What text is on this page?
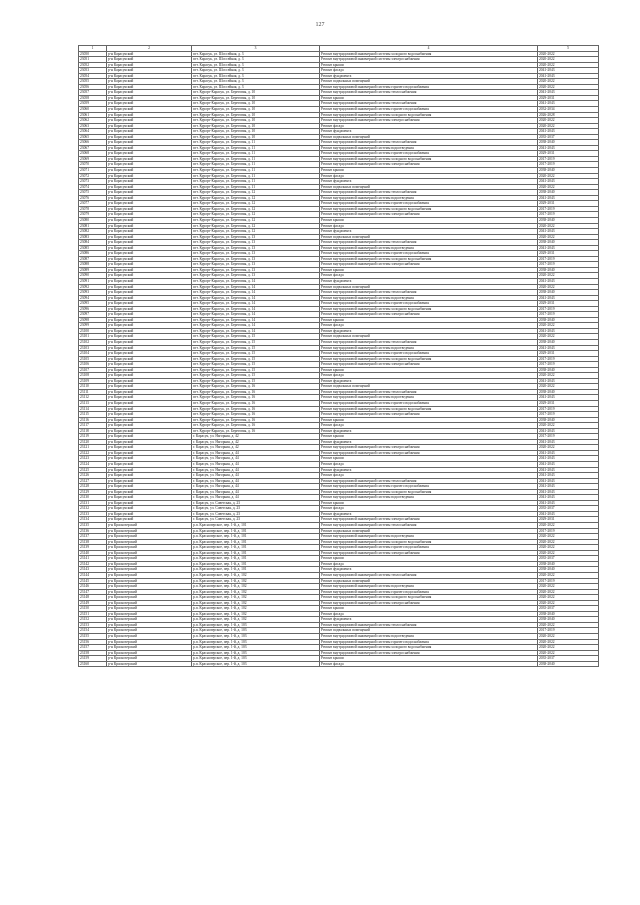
127
1	2	3	4	5
23050	р-н Карасукский	пгт. Карасук, ул. Шоссейная, д. 3	Ремонт внутридомовой инженерной системы холодного водоснабжения	2020-2022
23051	р-н Карасукский	пгт. Карасук, ул. Шоссейная, д. 3	Ремонт внутридомовой инженерной системы электроснабжения	2020-2022
23052	р-н Карасукский	пгт. Карасук, ул. Шоссейная, д. 3	Ремонт крыши	2020-2022
23053	р-н Карасукский	пгт. Карасук, ул. Шоссейная, д. 3	Ремонт фасада	2041-2043
23054	р-н Карасукский	пгт. Карасук, ул. Шоссейная, д. 3	Ремонт фундамента	2041-2043
23055	р-н Карасукский	пгт. Карасук, ул. Шоссейная, д. 3	Ремонт подвальных помещений	2020-2022
23056	р-н Карасукский	пгт. Карасук, ул. Шоссейная, д. 3	Ремонт внутридомовой инженерной системы горячего водоснабжения	2020-2022
23057	р-н Карасукский	пгт. Курорт-Карасук, ул. Береговая, д. 10	Ремонт внутридомовой инженерной системы теплоснабжения	2041-2043
23058	р-н Карасукский	пгт. Курорт-Карасук, ул. Береговая, д. 10	Ремонт крыши	2029-2031
23059	р-н Карасукский	пгт. Курорт-Карасук, ул. Береговая, д. 10	Ремонт внутридомовой инженерной системы теплоснабжения	2041-2043
23060	р-н Карасукский	пгт. Курорт-Карасук, ул. Береговая, д. 10	Ремонт внутридомовой инженерной системы горячего водоснабжения	2032-2034
23061	р-н Карасукский	пгт. Курорт-Карасук, ул. Береговая, д. 10	Ремонт внутридомовой инженерной системы холодного водоснабжения	2026-2028
23062	р-н Карасукский	пгт. Курорт-Карасук, ул. Береговая, д. 10	Ремонт внутридомовой инженерной системы электроснабжения	2020-2022
23063	р-н Карасукский	пгт. Курорт-Карасук, ул. Береговая, д. 10	Ремонт фасада	2020-2022
23064	р-н Карасукский	пгт. Курорт-Карасук, ул. Береговая, д. 10	Ремонт фундамента	2041-2043
23065	р-н Карасукский	пгт. Курорт-Карасук, ул. Береговая, д. 10	Ремонт подвальных помещений	2035-2037
23066	р-н Карасукский	пгт. Курорт-Карасук, ул. Береговая, д. 11	Ремонт внутридомовой инженерной системы теплоснабжения	2038-2040
23067	р-н Карасукский	пгт. Курорт-Карасук, ул. Береговая, д. 11	Ремонт внутридомовой инженерной системы водоотведения	2041-2043
23068	р-н Карасукский	пгт. Курорт-Карасук, ул. Береговая, д. 11	Ремонт внутридомовой инженерной системы горячего водоснабжения	2029-2031
23069	р-н Карасукский	пгт. Курорт-Карасук, ул. Береговая, д. 11	Ремонт внутридомовой инженерной системы холодного водоснабжения	2017-2019
23070	р-н Карасукский	пгт. Курорт-Карасук, ул. Береговая, д. 11	Ремонт внутридомовой инженерной системы электроснабжения	2017-2019
23071	р-н Карасукский	пгт. Курорт-Карасук, ул. Береговая, д. 11	Ремонт крыши	2038-2040
23072	р-н Карасукский	пгт. Курорт-Карасук, ул. Береговая, д. 11	Ремонт фасада	2020-2022
23073	р-н Карасукский	пгт. Курорт-Карасук, ул. Береговая, д. 11	Ремонт фундамента	2041-2043
23074	р-н Карасукский	пгт. Курорт-Карасук, ул. Береговая, д. 11	Ремонт подвальных помещений	2020-2022
23075	р-н Карасукский	пгт. Курорт-Карасук, ул. Береговая, д. 12	Ремонт внутридомовой инженерной системы теплоснабжения	2038-2040
23076	р-н Карасукский	пгт. Курорт-Карасук, ул. Береговая, д. 12	Ремонт внутридомовой инженерной системы водоотведения	2041-2043
23077	р-н Карасукский	пгт. Курорт-Карасук, ул. Береговая, д. 12	Ремонт внутридомовой инженерной системы горячего водоснабжения	2029-2031
23078	р-н Карасукский	пгт. Курорт-Карасук, ул. Береговая, д. 12	Ремонт внутридомовой инженерной системы холодного водоснабжения	2017-2019
23079	р-н Карасукский	пгт. Курорт-Карасук, ул. Береговая, д. 12	Ремонт внутридомовой инженерной системы электроснабжения	2017-2019
23080	р-н Карасукский	пгт. Курорт-Карасук, ул. Береговая, д. 12	Ремонт крыши	2038-2040
23081	р-н Карасукский	пгт. Курорт-Карасук, ул. Береговая, д. 12	Ремонт фасада	2020-2022
23082	р-н Карасукский	пгт. Курорт-Карасук, ул. Береговая, д. 12	Ремонт фундамента	2041-2043
23083	р-н Карасукский	пгт. Курорт-Карасук, ул. Береговая, д. 13	Ремонт подвальных помещений	2020-2022
23084	р-н Карасукский	пгт. Курорт-Карасук, ул. Береговая, д. 13	Ремонт внутридомовой инженерной системы теплоснабжения	2038-2040
23085	р-н Карасукский	пгт. Курорт-Карасук, ул. Береговая, д. 13	Ремонт внутридомовой инженерной системы водоотведения	2041-2043
23086	р-н Карасукский	пгт. Курорт-Карасук, ул. Береговая, д. 13	Ремонт внутридомовой инженерной системы горячего водоснабжения	2029-2031
23087	р-н Карасукский	пгт. Курорт-Карасук, ул. Береговая, д. 13	Ремонт внутридомовой инженерной системы холодного водоснабжения	2017-2019
23088	р-н Карасукский	пгт. Курорт-Карасук, ул. Береговая, д. 13	Ремонт внутридомовой инженерной системы электроснабжения	2017-2019
23089	р-н Карасукский	пгт. Курорт-Карасук, ул. Береговая, д. 13	Ремонт крыши	2038-2040
23090	р-н Карасукский	пгт. Курорт-Карасук, ул. Береговая, д. 13	Ремонт фасада	2020-2022
23091	р-н Карасукский	пгт. Курорт-Карасук, ул. Береговая, д. 14	Ремонт фундамента	2041-2043
23092	р-н Карасукский	пгт. Курорт-Карасук, ул. Береговая, д. 14	Ремонт подвальных помещений	2020-2022
23093	р-н Карасукский	пгт. Курорт-Карасук, ул. Береговая, д. 14	Ремонт внутридомовой инженерной системы теплоснабжения	2038-2040
23094	р-н Карасукский	пгт. Курорт-Карасук, ул. Береговая, д. 14	Ремонт внутридомовой инженерной системы водоотведения	2041-2043
23095	р-н Карасукский	пгт. Курорт-Карасук, ул. Береговая, д. 14	Ремонт внутридомовой инженерной системы горячего водоснабжения	2029-2031
23096	р-н Карасукский	пгт. Курорт-Карасук, ул. Береговая, д. 14	Ремонт внутридомовой инженерной системы холодного водоснабжения	2017-2019
23097	р-н Карасукский	пгт. Курорт-Карасук, ул. Береговая, д. 14	Ремонт внутридомовой инженерной системы электроснабжения	2017-2019
23098	р-н Карасукский	пгт. Курорт-Карасук, ул. Береговая, д. 14	Ремонт крыши	2038-2040
23099	р-н Карасукский	пгт. Курорт-Карасук, ул. Береговая, д. 14	Ремонт фасада	2020-2022
23100	р-н Карасукский	пгт. Курорт-Карасук, ул. Береговая, д. 14	Ремонт фундамента	2041-2043
23101	р-н Карасукский	пгт. Курорт-Карасук, ул. Береговая, д. 15	Ремонт подвальных помещений	2020-2022
23102	р-н Карасукский	пгт. Курорт-Карасук, ул. Береговая, д. 15	Ремонт внутридомовой инженерной системы теплоснабжения	2038-2040
23103	р-н Карасукский	пгт. Курорт-Карасук, ул. Береговая, д. 15	Ремонт внутридомовой инженерной системы водоотведения	2041-2043
23104	р-н Карасукский	пгт. Курорт-Карасук, ул. Береговая, д. 15	Ремонт внутридомовой инженерной системы горячего водоснабжения	2029-2031
23105	р-н Карасукский	пгт. Курорт-Карасук, ул. Береговая, д. 15	Ремонт внутридомовой инженерной системы холодного водоснабжения	2017-2019
23106	р-н Карасукский	пгт. Курорт-Карасук, ул. Береговая, д. 15	Ремонт внутридомовой инженерной системы электроснабжения	2017-2019
23107	р-н Карасукский	пгт. Курорт-Карасук, ул. Береговая, д. 15	Ремонт крыши	2038-2040
23108	р-н Карасукский	пгт. Курорт-Карасук, ул. Береговая, д. 15	Ремонт фасада	2020-2022
23109	р-н Карасукский	пгт. Курорт-Карасук, ул. Береговая, д. 15	Ремонт фундамента	2041-2043
23110	р-н Карасукский	пгт. Курорт-Карасук, ул. Береговая, д. 16	Ремонт подвальных помещений	2020-2022
23111	р-н Карасукский	пгт. Курорт-Карасук, ул. Береговая, д. 16	Ремонт внутридомовой инженерной системы теплоснабжения	2038-2040
23112	р-н Карасукский	пгт. Курорт-Карасук, ул. Береговая, д. 16	Ремонт внутридомовой инженерной системы водоотведения	2041-2043
23113	р-н Карасукский	пгт. Курорт-Карасук, ул. Береговая, д. 16	Ремонт внутридомовой инженерной системы горячего водоснабжения	2029-2031
23114	р-н Карасукский	пгт. Курорт-Карасук, ул. Береговая, д. 16	Ремонт внутридомовой инженерной системы холодного водоснабжения	2017-2019
23115	р-н Карасукский	пгт. Курорт-Карасук, ул. Береговая, д. 16	Ремонт внутридомовой инженерной системы электроснабжения	2017-2019
23116	р-н Карасукский	пгт. Курорт-Карасук, ул. Береговая, д. 16	Ремонт крыши	2038-2040
23117	р-н Карасукский	пгт. Курорт-Карасук, ул. Береговая, д. 16	Ремонт фасада	2020-2022
23118	р-н Карасукский	пгт. Курорт-Карасук, ул. Береговая, д. 16	Ремонт фундамента	2041-2043
23119	р-н Карасукский	г. Карасук, ул. Нагорная, д. 42	Ремонт крыши	2017-2019
23120	р-н Карасукский	г. Карасук, ул. Нагорная, д. 42	Ремонт фундамента	2041-2043
23121	р-н Карасукский	г. Карасук, ул. Нагорная, д. 42	Ремонт внутридомовой инженерной системы электроснабжения	2020-2022
23122	р-н Карасукский	г. Карасук, ул. Нагорная, д. 44	Ремонт внутридомовой инженерной системы электроснабжения	2041-2043
23123	р-н Карасукский	г. Карасук, ул. Нагорная, д. 44	Ремонт крыши	2041-2043
23124	р-н Карасукский	г. Карасук, ул. Нагорная, д. 44	Ремонт фасада	2041-2043
23125	р-н Карасукский	г. Карасук, ул. Нагорная, д. 44	Ремонт фундамента	2041-2043
23126	р-н Карасукский	г. Карасук, ул. Нагорная, д. 44	Ремонт фасада	2041-2043
23127	р-н Карасукский	г. Карасук, ул. Нагорная, д. 44	Ремонт внутридомовой инженерной системы теплоснабжения	2041-2043
23128	р-н Карасукский	г. Карасук, ул. Нагорная, д. 44	Ремонт внутридомовой инженерной системы горячего водоснабжения	2041-2043
23129	р-н Карасукский	г. Карасук, ул. Нагорная, д. 44	Ремонт внутридомовой инженерной системы холодного водоснабжения	2041-2043
23130	р-н Карасукский	г. Карасук, ул. Нагорная, д. 44	Ремонт внутридомовой инженерной системы водоотведения	2041-2043
23131	р-н Карасукский	г. Карасук, ул. Советская, д. 23	Ремонт крыши	2041-2043
23132	р-н Карасукский	г. Карасук, ул. Советская, д. 23	Ремонт фасада	2035-2037
23133	р-н Карасукский	г. Карасук, ул. Советская, д. 23	Ремонт фундамента	2041-2043
23134	р-н Карасукский	г. Карасук, ул. Советская, д. 23	Ремонт внутридомовой инженерной системы электроснабжения	2029-2031
23135	р-н Краснозерский	р.п. Краснозерское, пер. 1-й, д. 101	Ремонт внутридомовой инженерной системы теплоснабжения	2020-2022
23136	р-н Краснозерский	р.п. Краснозерское, пер. 1-й, д. 101	Ремонт подвальных помещений	2017-2019
23137	р-н Краснозерский	р.п. Краснозерское, пер. 1-й, д. 101	Ремонт внутридомовой инженерной системы водоотведения	2020-2022
23138	р-н Краснозерский	р.п. Краснозерское, пер. 1-й, д. 101	Ремонт внутридомовой инженерной системы холодного водоснабжения	2020-2022
23139	р-н Краснозерский	р.п. Краснозерское, пер. 1-й, д. 101	Ремонт внутридомовой инженерной системы горячего водоснабжения	2020-2022
23140	р-н Краснозерский	р.п. Краснозерское, пер. 1-й, д. 101	Ремонт внутридомовой инженерной системы электроснабжения	2020-2022
23141	р-н Краснозерский	р.п. Краснозерское, пер. 1-й, д. 101	Ремонт крыши	2035-2037
23142	р-н Краснозерский	р.п. Краснозерское, пер. 1-й, д. 101	Ремонт фасада	2038-2040
23143	р-н Краснозерский	р.п. Краснозерское, пер. 1-й, д. 101	Ремонт фундамента	2038-2040
23144	р-н Краснозерский	р.п. Краснозерское, пер. 1-й, д. 102	Ремонт внутридомовой инженерной системы теплоснабжения	2020-2022
23145	р-н Краснозерский	р.п. Краснозерское, пер. 1-й, д. 102	Ремонт подвальных помещений	2017-2019
23146	р-н Краснозерский	р.п. Краснозерское, пер. 1-й, д. 102	Ремонт внутридомовой инженерной системы водоотведения	2020-2022
23147	р-н Краснозерский	р.п. Краснозерское, пер. 1-й, д. 102	Ремонт внутридомовой инженерной системы горячего водоснабжения	2020-2022
23148	р-н Краснозерский	р.п. Краснозерское, пер. 1-й, д. 102	Ремонт внутридомовой инженерной системы холодного водоснабжения	2020-2022
23149	р-н Краснозерский	р.п. Краснозерское, пер. 1-й, д. 102	Ремонт внутридомовой инженерной системы электроснабжения	2020-2022
23150	р-н Краснозерский	р.п. Краснозерское, пер. 1-й, д. 102	Ремонт крыши	2035-2037
23151	р-н Краснозерский	р.п. Краснозерское, пер. 1-й, д. 102	Ремонт фасада	2038-2040
23152	р-н Краснозерский	р.п. Краснозерское, пер. 1-й, д. 102	Ремонт фундамента	2038-2040
23153	р-н Краснозерский	р.п. Краснозерское, пер. 1-й, д. 103	Ремонт внутридомовой инженерной системы теплоснабжения	2020-2022
23154	р-н Краснозерский	р.п. Краснозерское, пер. 1-й, д. 103	Ремонт подвальных помещений	2017-2019
23155	р-н Краснозерский	р.п. Краснозерское, пер. 1-й, д. 103	Ремонт внутридомовой инженерной системы водоотведения	2020-2022
23156	р-н Краснозерский	р.п. Краснозерское, пер. 1-й, д. 103	Ремонт внутридомовой инженерной системы горячего водоснабжения	2020-2022
23157	р-н Краснозерский	р.п. Краснозерское, пер. 1-й, д. 103	Ремонт внутридомовой инженерной системы холодного водоснабжения	2020-2022
23158	р-н Краснозерский	р.п. Краснозерское, пер. 1-й, д. 103	Ремонт внутридомовой инженерной системы электроснабжения	2020-2022
23159	р-н Краснозерский	р.п. Краснозерское, пер. 1-й, д. 103	Ремонт крыши	2035-2037
23160	р-н Краснозерский	р.п. Краснозерское, пер. 1-й, д. 103	Ремонт фасада	2038-2040
